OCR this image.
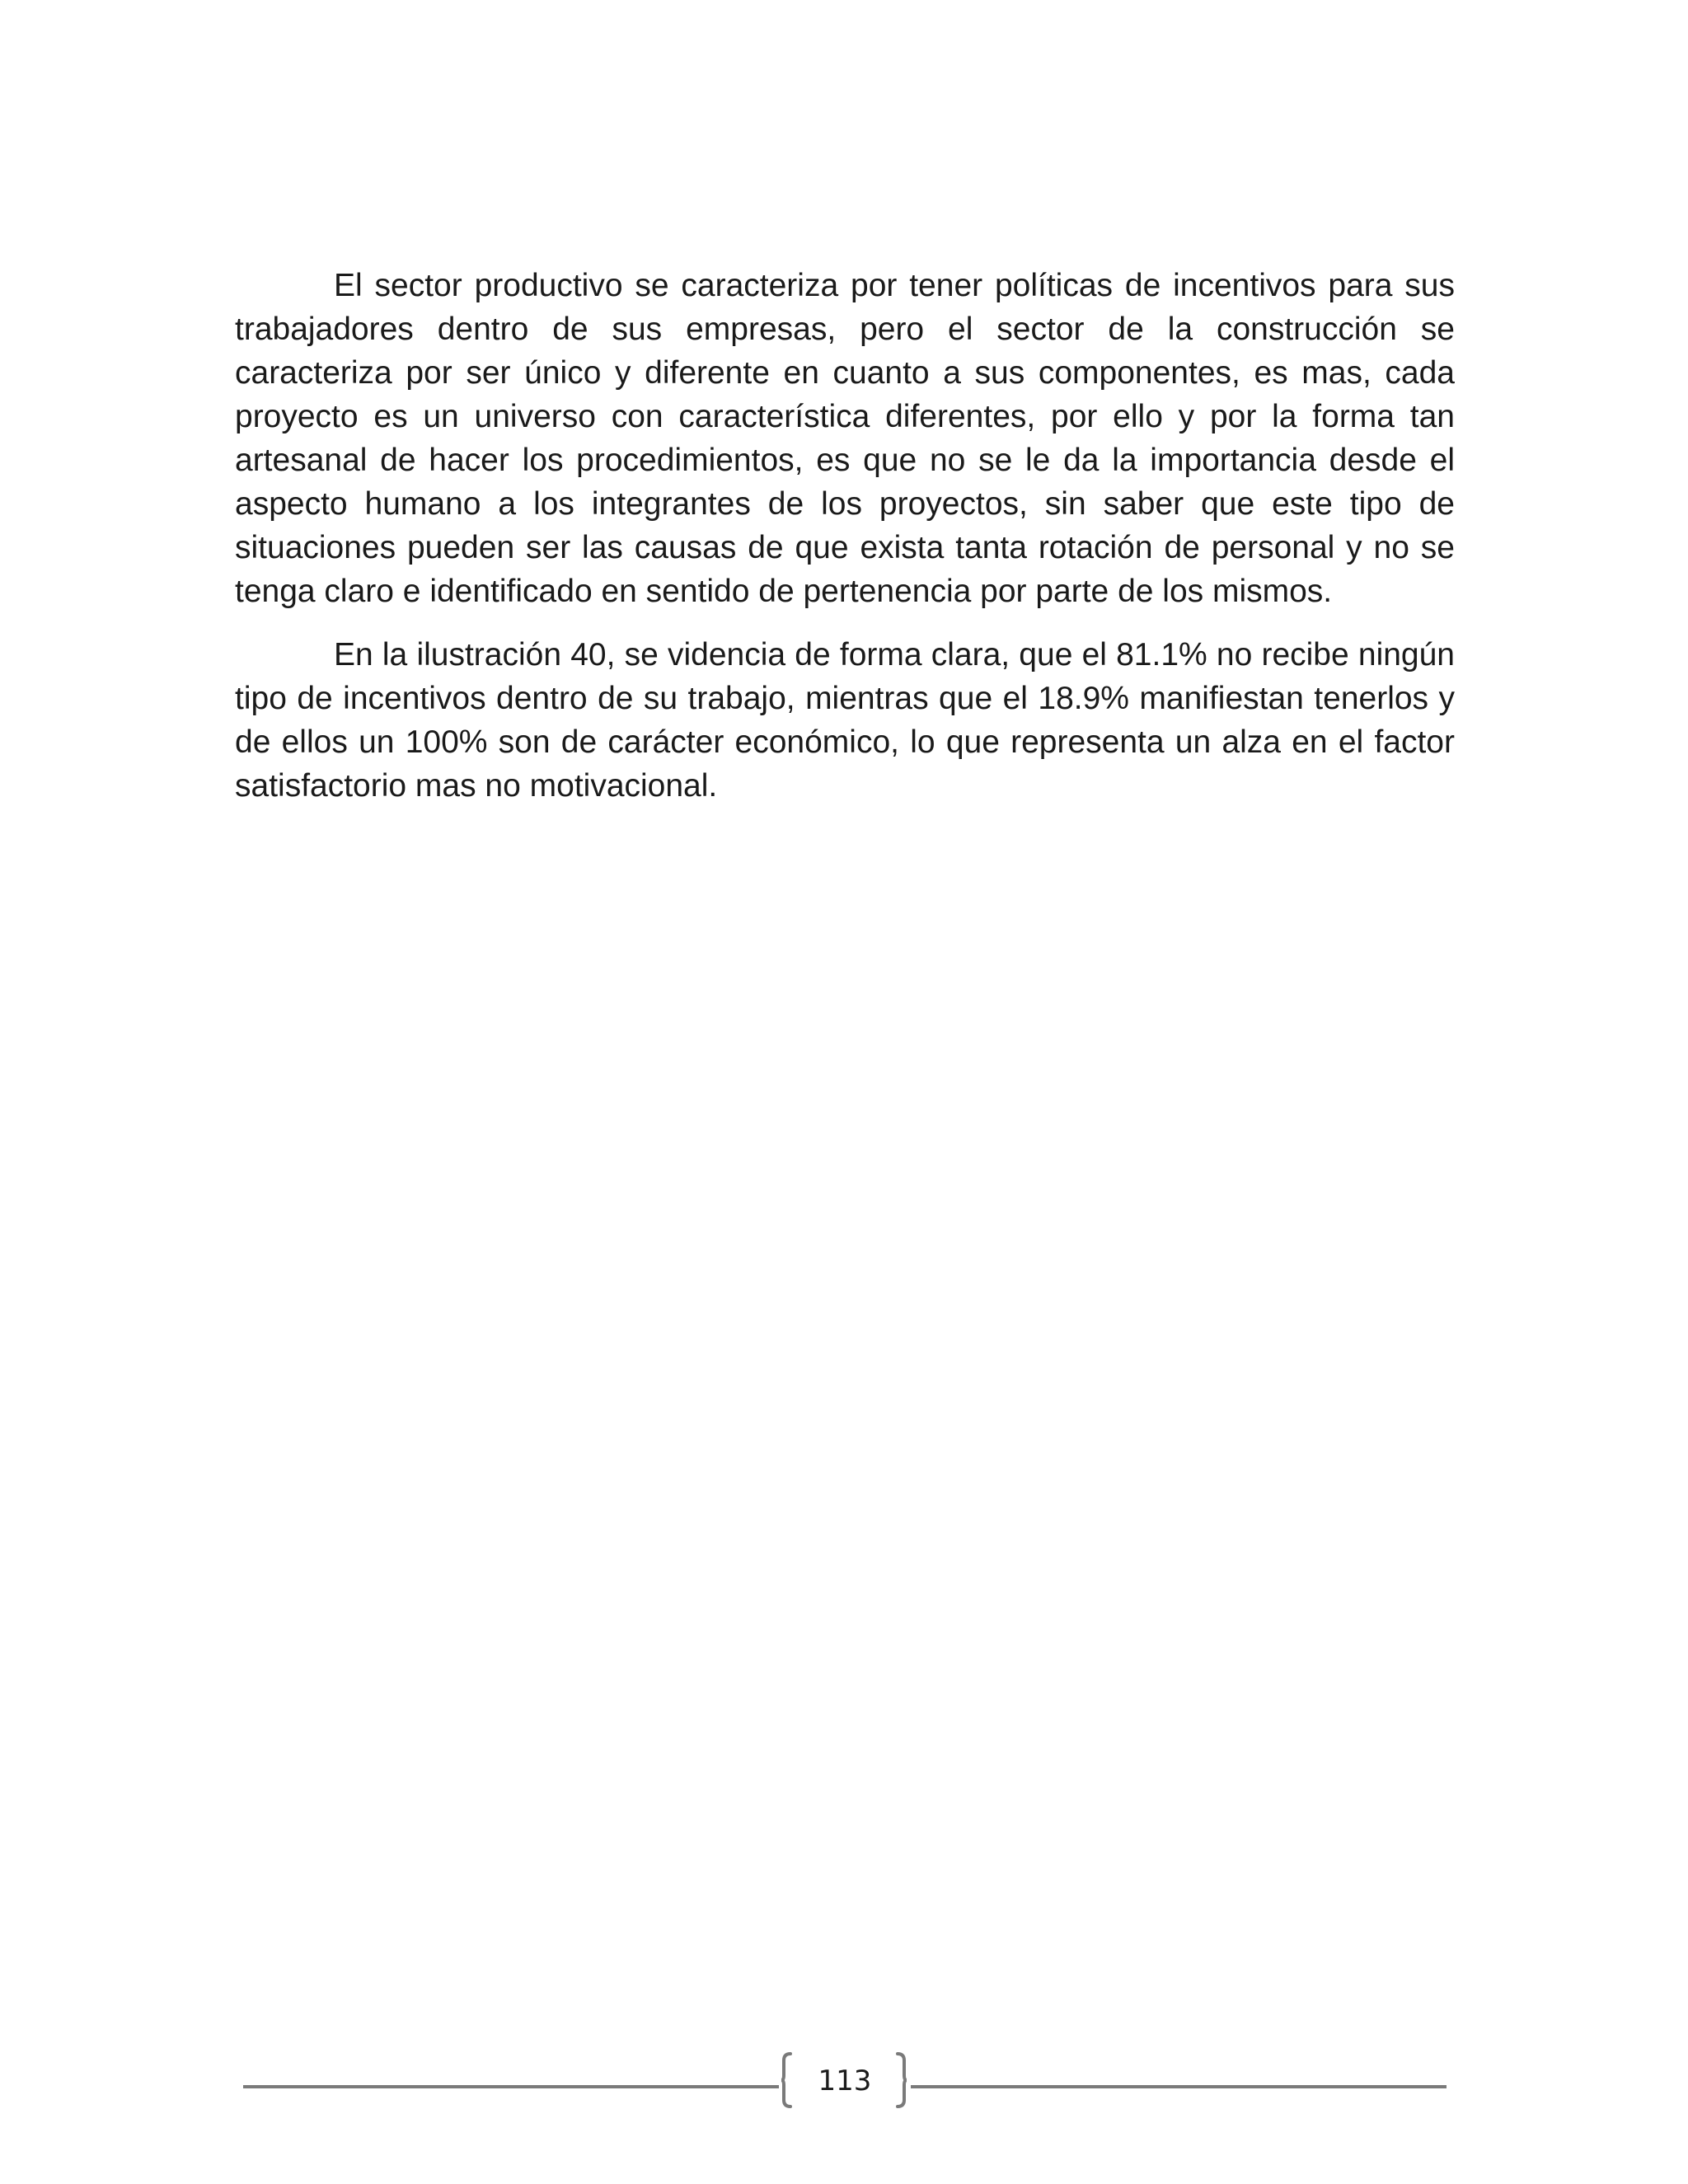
El sector productivo se caracteriza por tener políticas de incentivos para sus trabajadores dentro de sus empresas, pero el sector de la construcción se caracteriza por ser único y diferente en cuanto a sus componentes, es mas, cada proyecto es un universo con característica diferentes, por ello y por la forma tan artesanal de hacer los procedimientos, es que no se le da la importancia desde el aspecto humano a los integrantes de los proyectos, sin saber que este tipo de situaciones pueden ser las causas de que exista tanta rotación de personal y no se tenga claro e identificado en sentido de pertenencia por parte de los mismos.

En la ilustración 40, se videncia de forma clara, que el 81.1% no recibe ningún tipo de incentivos dentro de su trabajo, mientras que el 18.9% manifiestan tenerlos y de ellos un 100% son de carácter económico, lo que representa un alza en el factor satisfactorio mas no motivacional.

113
